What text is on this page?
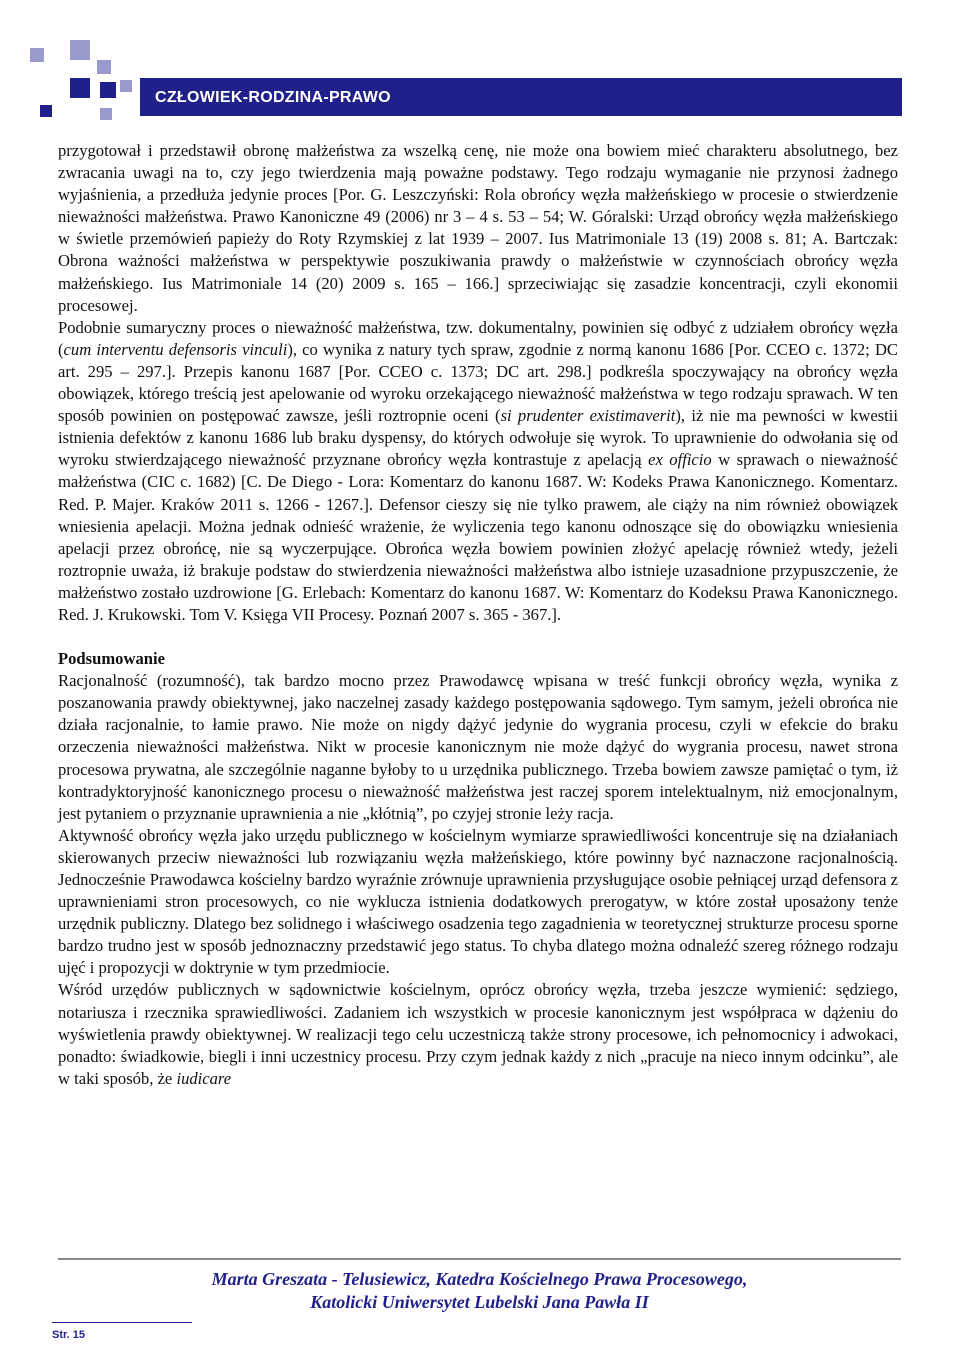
CZŁOWIEK-RODZINA-PRAWO

przygotował i przedstawił obronę małżeństwa za wszelką cenę, nie może ona bowiem mieć charakteru absolutnego, bez zwracania uwagi na to, czy jego twierdzenia mają poważne podstawy. Tego rodzaju wymaganie nie przynosi żadnego wyjaśnienia, a przedłuża jedynie proces [Por. G. Leszczyński: Rola obrońcy węzła małżeńskiego w procesie o stwierdzenie nieważności małżeństwa. Prawo Kanoniczne 49 (2006) nr 3 – 4 s. 53 – 54; W. Góralski: Urząd obrońcy węzła małżeńskiego w świetle przemówień papieży do Roty Rzymskiej z lat 1939 – 2007. Ius Matrimoniale 13 (19) 2008 s. 81; A. Bartczak: Obrona ważności małżeństwa w perspektywie poszukiwania prawdy o małżeństwie w czynnościach obrońcy węzła małżeńskiego. Ius Matrimoniale 14 (20) 2009 s. 165 – 166.] sprzeciwiając się zasadzie koncentracji, czyli ekonomii procesowej.

Podobnie sumaryczny proces o nieważność małżeństwa, tzw. dokumentalny, powinien się odbyć z udziałem obrońcy węzła (cum interventu defensoris vinculi), co wynika z natury tych spraw, zgodnie z normą kanonu 1686 [Por. CCEO c. 1372; DC art. 295 – 297.]. Przepis kanonu 1687 [Por. CCEO c. 1373; DC art. 298.] podkreśla spoczywający na obrońcy węzła obowiązek, którego treścią jest apelowanie od wyroku orzekającego nieważność małżeństwa w tego rodzaju sprawach. W ten sposób powinien on postępować zawsze, jeśli roztropnie oceni (si prudenter existimaverit), iż nie ma pewności w kwestii istnienia defektów z kanonu 1686 lub braku dyspensy, do których odwołuje się wyrok. To uprawnienie do odwołania się od wyroku stwierdzającego nieważność przyznane obrońcy węzła kontrastuje z apelacją ex officio w sprawach o nieważność małżeństwa (CIC c. 1682) [C. De Diego - Lora: Komentarz do kanonu 1687. W: Kodeks Prawa Kanonicznego. Komentarz. Red. P. Majer. Kraków 2011 s. 1266 - 1267.]. Defensor cieszy się nie tylko prawem, ale ciąży na nim również obowiązek wniesienia apelacji. Można jednak odnieść wrażenie, że wyliczenia tego kanonu odnoszące się do obowiązku wniesienia apelacji przez obrońcę, nie są wyczerpujące. Obrońca węzła bowiem powinien złożyć apelację również wtedy, jeżeli roztropnie uważa, iż brakuje podstaw do stwierdzenia nieważności małżeństwa albo istnieje uzasadnione przypuszczenie, że małżeństwo zostało uzdrowione [G. Erlebach: Komentarz do kanonu 1687. W: Komentarz do Kodeksu Prawa Kanonicznego. Red. J. Krukowski. Tom V. Księga VII Procesy. Poznań 2007 s. 365 - 367.].

Podsumowanie

Racjonalność (rozumność), tak bardzo mocno przez Prawodawcę wpisana w treść funkcji obrońcy węzła, wynika z poszanowania prawdy obiektywnej, jako naczelnej zasady każdego postępowania sądowego. Tym samym, jeżeli obrońca nie działa racjonalnie, to łamie prawo. Nie może on nigdy dążyć jedynie do wygrania procesu, czyli w efekcie do braku orzeczenia nieważności małżeństwa. Nikt w procesie kanonicznym nie może dążyć do wygrania procesu, nawet strona procesowa prywatna, ale szczególnie naganne byłoby to u urzędnika publicznego. Trzeba bowiem zawsze pamiętać o tym, iż kontradyktoryjność kanonicznego procesu o nieważność małżeństwa jest raczej sporem intelektualnym, niż emocjonalnym, jest pytaniem o przyznanie uprawnienia a nie „kłótnią”, po czyjej stronie leży racja.

Aktywność obrońcy węzła jako urzędu publicznego w kościelnym wymiarze sprawiedliwości koncentruje się na działaniach skierowanych przeciw nieważności lub rozwiązaniu węzła małżeńskiego, które powinny być naznaczone racjonalnością. Jednocześnie Prawodawca kościelny bardzo wyraźnie zrównuje uprawnienia przysługujące osobie pełniącej urząd defensora z uprawnieniami stron procesowych, co nie wyklucza istnienia dodatkowych prerogatyw, w które został uposażony tenże urzędnik publiczny. Dlatego bez solidnego i właściwego osadzenia tego zagadnienia w teoretycznej strukturze procesu sporne bardzo trudno jest w sposób jednoznaczny przedstawić jego status. To chyba dlatego można odnaleźć szereg różnego rodzaju ujęć i propozycji w doktrynie w tym przedmiocie.

Wśród urzędów publicznych w sądownictwie kościelnym, oprócz obrońcy węzła, trzeba jeszcze wymienić: sędziego, notariusza i rzecznika sprawiedliwości. Zadaniem ich wszystkich w procesie kanonicznym jest współpraca w dążeniu do wyświetlenia prawdy obiektywnej. W realizacji tego celu uczestniczą także strony procesowe, ich pełnomocnicy i adwokaci, ponadto: świadkowie, biegli i inni uczestnicy procesu. Przy czym jednak każdy z nich „pracuje na nieco innym odcinku”, ale w taki sposób, że iudicare

Marta Greszata - Telusiewicz, Katedra Kościelnego Prawa Procesowego,
Katolicki Uniwersytet Lubelski Jana Pawła II
Str. 15
